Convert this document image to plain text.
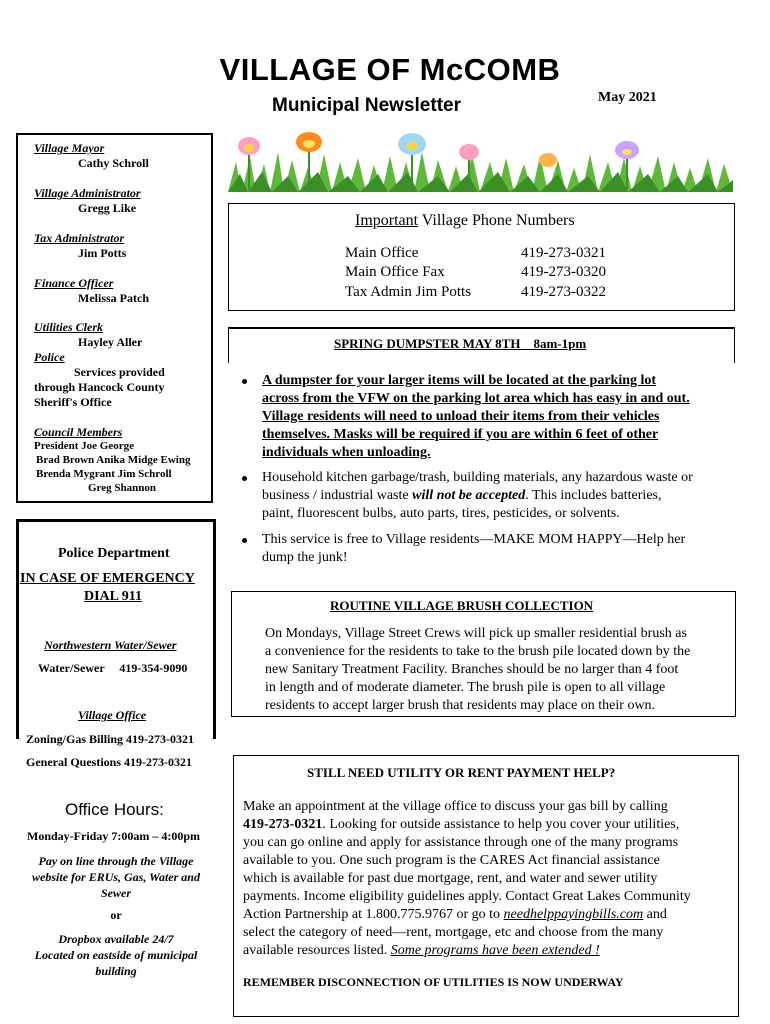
VILLAGE OF McCOMB
Municipal Newsletter	May 2021
Village Mayor
Cathy Schroll
Village Administrator
Gregg Like
Tax Administrator
Jim Potts
Finance Officer
Melissa Patch
Utilities Clerk
Hayley Aller
Police
Services provided
through Hancock County
Sheriff's Office
Council Members
President Joe George
Brad Brown Anika Midge Ewing
Brenda Mygrant Jim Schroll
Greg Shannon
Police Department
IN CASE OF EMERGENCY
DIAL 911
Northwestern Water/Sewer
Water/Sewer     419-354-9090
Village Office
Zoning/Gas Billing 419-273-0321
General Questions 419-273-0321
Office Hours:
Monday-Friday 7:00am – 4:00pm
Pay on line through the Village
website for ERUs, Gas, Water and
Sewer
or
Dropbox available 24/7
Located on eastside of municipal
building
Important Village Phone Numbers
Main Office	419-273-0321
Main Office Fax	419-273-0320
Tax Admin Jim Potts	419-273-0322
SPRING DUMPSTER MAY 8TH    8am-1pm
A dumpster for your larger items will be located at the parking lot
across from the VFW on the parking lot area which has easy in and out.
Village residents will need to unload their items from their vehicles
themselves. Masks will be required if you are within 6 feet of other
individuals when unloading.
Household kitchen garbage/trash, building materials, any hazardous waste or
business / industrial waste will not be accepted. This includes batteries,
paint, fluorescent bulbs, auto parts, tires, pesticides, or solvents.
This service is free to Village residents—MAKE MOM HAPPY—Help her
dump the junk!
ROUTINE VILLAGE BRUSH COLLECTION
On Mondays, Village Street Crews will pick up smaller residential brush as
a convenience for the residents to take to the brush pile located down by the
new Sanitary Treatment Facility. Branches should be no larger than 4 foot
in length and of moderate diameter. The brush pile is open to all village
residents to accept larger brush that residents may place on their own.
STILL NEED UTILITY OR RENT PAYMENT HELP?
Make an appointment at the village office to discuss your gas bill by calling
419-273-0321. Looking for outside assistance to help you cover your utilities,
you can go online and apply for assistance through one of the many programs
available to you. One such program is the CARES Act financial assistance
which is available for past due mortgage, rent, and water and sewer utility
payments. Income eligibility guidelines apply. Contact Great Lakes Community
Action Partnership at 1.800.775.9767 or go to needhelppayingbills.com and
select the category of need—rent, mortgage, etc and choose from the many
available resources listed. Some programs have been extended !
REMEMBER DISCONNECTION OF UTILITIES IS NOW UNDERWAY
